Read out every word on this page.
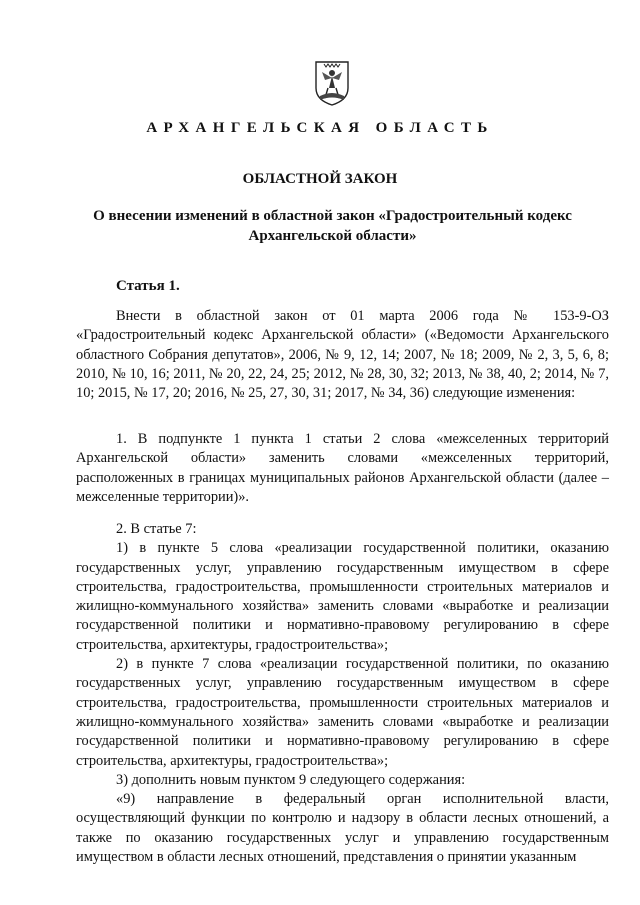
АРХАНГЕЛЬСКАЯ ОБЛАСТЬ
ОБЛАСТНОЙ ЗАКОН
О внесении изменений в областной закон «Градостроительный кодекс Архангельской области»
Статья 1.

Внести в областной закон от 01 марта 2006 года № 153-9-ОЗ «Градостроительный кодекс Архангельской области» («Ведомости Архангельского областного Собрания депутатов», 2006, № 9, 12, 14; 2007, № 18; 2009, № 2, 3, 5, 6, 8; 2010, № 10, 16; 2011, № 20, 22, 24, 25; 2012, № 28, 30, 32; 2013, № 38, 40, 2; 2014, № 7, 10; 2015, № 17, 20; 2016, № 25, 27, 30, 31; 2017, № 34, 36) следующие изменения:

1. В подпункте 1 пункта 1 статьи 2 слова «межселенных территорий Архангельской области» заменить словами «межселенных территорий, расположенных в границах муниципальных районов Архангельской области (далее – межселенные территории)».

2. В статье 7:

1) в пункте 5 слова «реализации государственной политики, оказанию государственных услуг, управлению государственным имуществом в сфере строительства, градостроительства, промышленности строительных материалов и жилищно-коммунального хозяйства» заменить словами «выработке и реализации государственной политики и нормативно-правовому регулированию в сфере строительства, архитектуры, градостроительства»;

2) в пункте 7 слова «реализации государственной политики, по оказанию государственных услуг, управлению государственным имуществом в сфере строительства, градостроительства, промышленности строительных материалов и жилищно-коммунального хозяйства» заменить словами «выработке и реализации государственной политики и нормативно-правовому регулированию в сфере строительства, архитектуры, градостроительства»;

3) дополнить новым пунктом 9 следующего содержания:

«9) направление в федеральный орган исполнительной власти, осуществляющий функции по контролю и надзору в области лесных отношений, а также по оказанию государственных услуг и управлению государственным имуществом в области лесных отношений, представления о принятии указанным
